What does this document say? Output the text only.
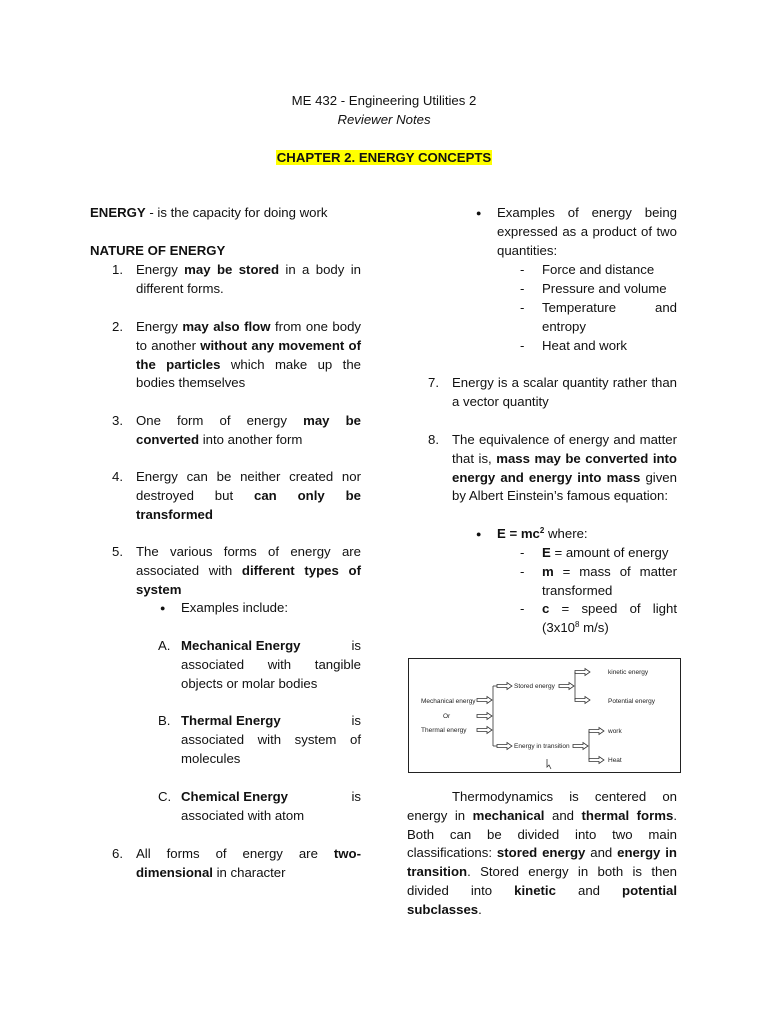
ME 432 - Engineering Utilities 2
Reviewer Notes
CHAPTER 2. ENERGY CONCEPTS
ENERGY - is the capacity for doing work
NATURE OF ENERGY
1. Energy may be stored in a body in different forms.
2. Energy may also flow from one body to another without any movement of the particles which make up the bodies themselves
3. One form of energy may be converted into another form
4. Energy can be neither created nor destroyed but can only be transformed
5. The various forms of energy are associated with different types of system
● Examples include:
A. Mechanical Energy	is
associated with tangible objects or molar bodies
B. Thermal Energy	is
associated with system of molecules
C. Chemical Energy	is
associated with atom
6. All forms of energy are two-dimensional in character
● Examples of energy being expressed as a product of two quantities:
- Force and distance
- Pressure and volume
- Temperature and entropy
- Heat and work
7. Energy is a scalar quantity rather than a vector quantity
8. The equivalence of energy and matter that is, mass may be converted into energy and energy into mass given by Albert Einstein’s famous equation:
● $E = mc^2$ where:
- E = amount of energy
- m = mass of matter transformed
- c = speed of light ($3x10^8$ m/s)
Mechanical energy
Or
Thermal energy
Stored energy
Energy in transition
kinetic energy
Potential energy
work
Heat
Thermodynamics is centered on energy in mechanical and thermal forms. Both can be divided into two main classifications: stored energy and energy in transition. Stored energy in both is then divided into kinetic and potential subclasses.
